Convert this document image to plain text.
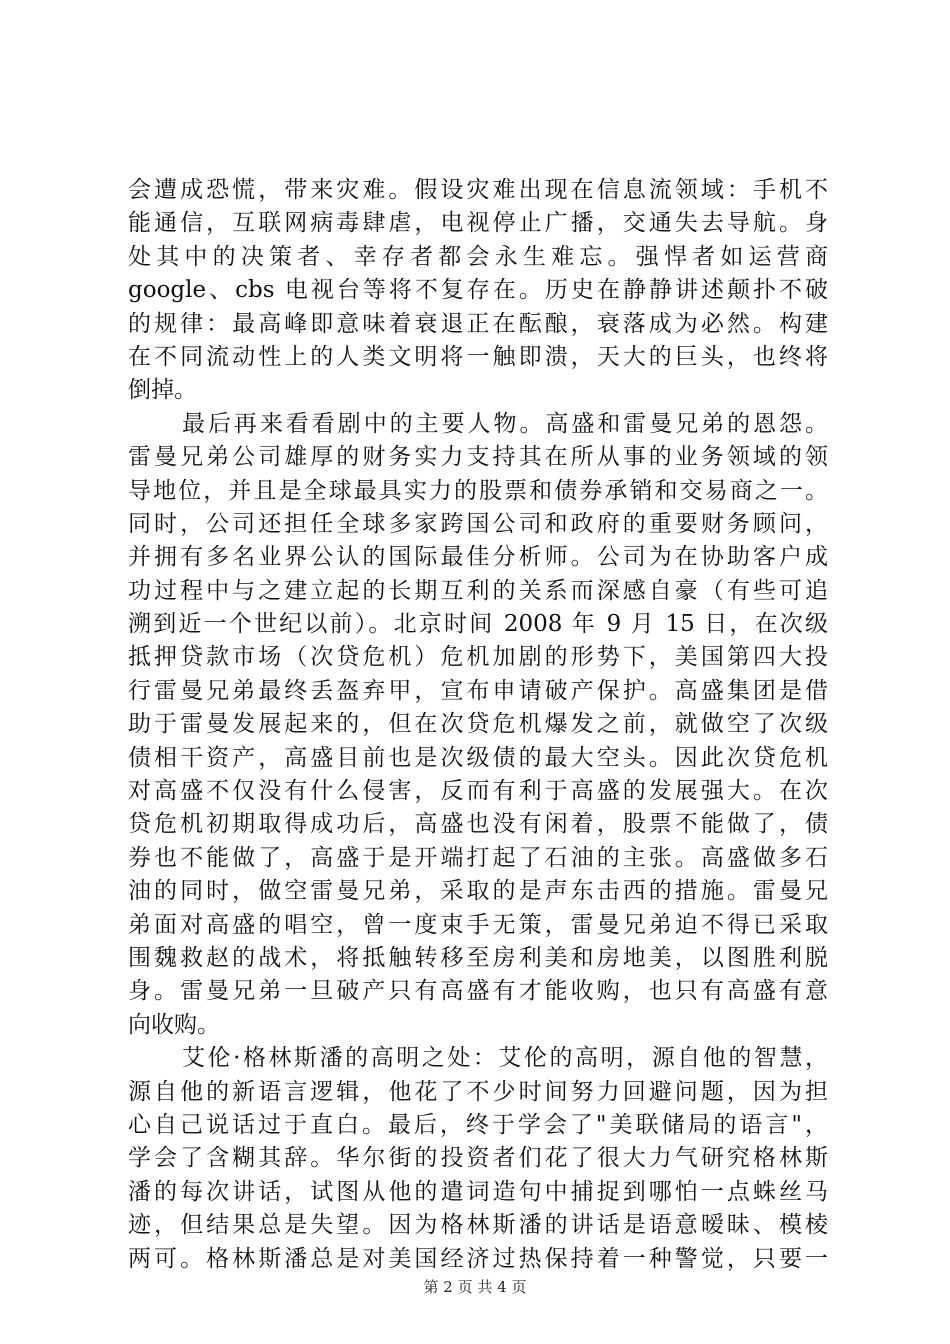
会遭成恐慌，带来灾难。假设灾难出现在信息流领域：手机不
能通信，互联网病毒肆虐，电视停止广播，交通失去导航。身
处其中的决策者、幸存者都会永生难忘。强悍者如运营商
google、cbs 电视台等将不复存在。历史在静静讲述颠扑不破
的规律：最高峰即意味着衰退正在酝酿，衰落成为必然。构建
在不同流动性上的人类文明将一触即溃，天大的巨头，也终将
倒掉。
最后再来看看剧中的主要人物。高盛和雷曼兄弟的恩怨。
雷曼兄弟公司雄厚的财务实力支持其在所从事的业务领域的领
导地位，并且是全球最具实力的股票和债券承销和交易商之一。
同时，公司还担任全球多家跨国公司和政府的重要财务顾问，
并拥有多名业界公认的国际最佳分析师。公司为在协助客户成
功过程中与之建立起的长期互利的关系而深感自豪（有些可追
溯到近一个世纪以前）。北京时间 2008 年 9 月 15 日，在次级
抵押贷款市场（次贷危机）危机加剧的形势下，美国第四大投
行雷曼兄弟最终丢盔弃甲，宣布申请破产保护。高盛集团是借
助于雷曼发展起来的，但在次贷危机爆发之前，就做空了次级
债相干资产，高盛目前也是次级债的最大空头。因此次贷危机
对高盛不仅没有什么侵害，反而有利于高盛的发展强大。在次
贷危机初期取得成功后，高盛也没有闲着，股票不能做了，债
券也不能做了，高盛于是开端打起了石油的主张。高盛做多石
油的同时，做空雷曼兄弟，采取的是声东击西的措施。雷曼兄
弟面对高盛的唱空，曾一度束手无策，雷曼兄弟迫不得已采取
围魏救赵的战术，将抵触转移至房利美和房地美，以图胜利脱
身。雷曼兄弟一旦破产只有高盛有才能收购，也只有高盛有意
向收购。
艾伦·格林斯潘的高明之处：艾伦的高明，源自他的智慧，
源自他的新语言逻辑，他花了不少时间努力回避问题，因为担
心自己说话过于直白。最后，终于学会了"美联储局的语言"，
学会了含糊其辞。华尔街的投资者们花了很大力气研究格林斯
潘的每次讲话，试图从他的遣词造句中捕捉到哪怕一点蛛丝马
迹，但结果总是失望。因为格林斯潘的讲话是语意暧昧、模棱
两可。格林斯潘总是对美国经济过热保持着一种警觉，只要一
第 2 页 共 4 页
